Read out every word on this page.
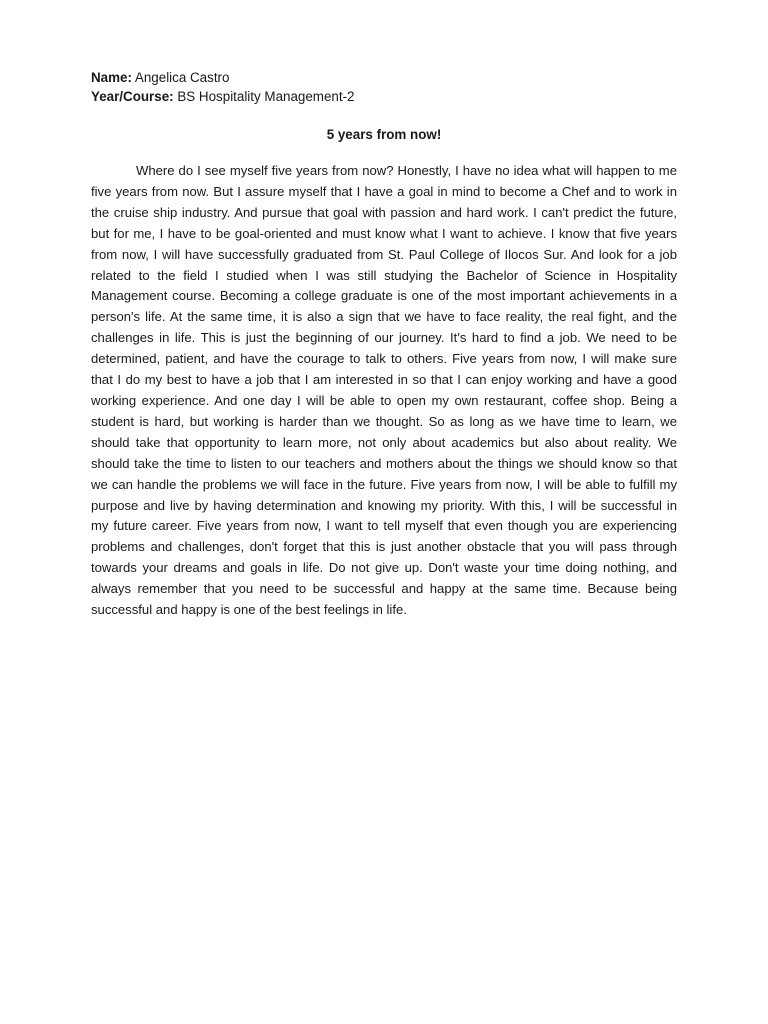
Name: Angelica Castro
Year/Course: BS Hospitality Management-2
5 years from now!

Where do I see myself five years from now? Honestly, I have no idea what will happen to me five years from now. But I assure myself that I have a goal in mind to become a Chef and to work in the cruise ship industry. And pursue that goal with passion and hard work. I can't predict the future, but for me, I have to be goal-oriented and must know what I want to achieve. I know that five years from now, I will have successfully graduated from St. Paul College of Ilocos Sur. And look for a job related to the field I studied when I was still studying the Bachelor of Science in Hospitality Management course. Becoming a college graduate is one of the most important achievements in a person's life. At the same time, it is also a sign that we have to face reality, the real fight, and the challenges in life. This is just the beginning of our journey. It's hard to find a job. We need to be determined, patient, and have the courage to talk to others. Five years from now, I will make sure that I do my best to have a job that I am interested in so that I can enjoy working and have a good working experience. And one day I will be able to open my own restaurant, coffee shop. Being a student is hard, but working is harder than we thought. So as long as we have time to learn, we should take that opportunity to learn more, not only about academics but also about reality. We should take the time to listen to our teachers and mothers about the things we should know so that we can handle the problems we will face in the future. Five years from now, I will be able to fulfill my purpose and live by having determination and knowing my priority. With this, I will be successful in my future career. Five years from now, I want to tell myself that even though you are experiencing problems and challenges, don't forget that this is just another obstacle that you will pass through towards your dreams and goals in life. Do not give up. Don't waste your time doing nothing, and always remember that you need to be successful and happy at the same time. Because being successful and happy is one of the best feelings in life.
